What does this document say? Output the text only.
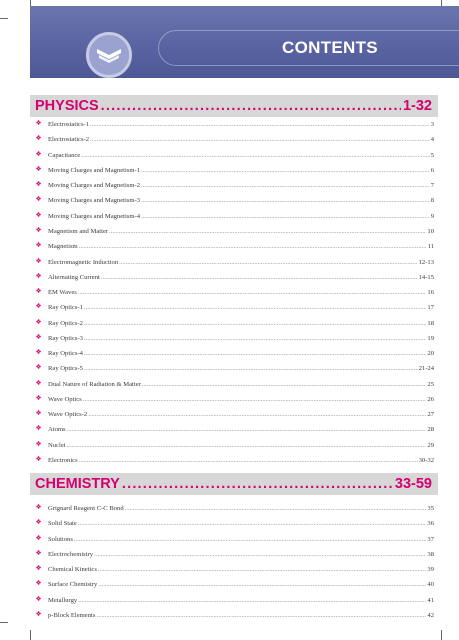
CONTENTS
PHYSICS .....	1-32
❖
Electrostatics-1 .....	3
❖
Electrostatics-2 .....	4
❖
Capacitance .....	5
❖
Moving Charges and Magnetism-1 .....	6
❖
Moving Charges and Magnetism-2 .....	7
❖
Moving Charges and Magnetism-3 .....	8
❖
Moving Charges and Magnetism-4 .....	9
❖
Magnetism and Matter .....	10
❖
Magnetism .....	11
❖
Electromagnetic Induction .....	12-13
❖
Alternating Current .....	14-15
❖
EM Waves .....	16
❖
Ray Optics-1 .....	17
❖
Ray Optics-2 .....	18
❖
Ray Optics-3 .....	19
❖
Ray Optics-4 .....	20
❖
Ray Optics-5 .....	21-24
❖
Dual Nature of Radiation & Matter .....	25
❖
Wave Optics .....	26
❖
Wave Optics-2 .....	27
❖
Atoms .....	28
❖
Nuclei .....	29
❖
Electronics .....	30-32
CHEMISTRY .....	33-59
❖
Grignard Reagent C-C Bond .....	35
❖
Solid State .....	36
❖
Solutions .....	37
❖
Electrochemistry .....	38
❖
Chemical Kinetics .....	39
❖
Surface Chemistry .....	40
❖
Metallurgy .....	41
❖
p-Block Elements .....	42
